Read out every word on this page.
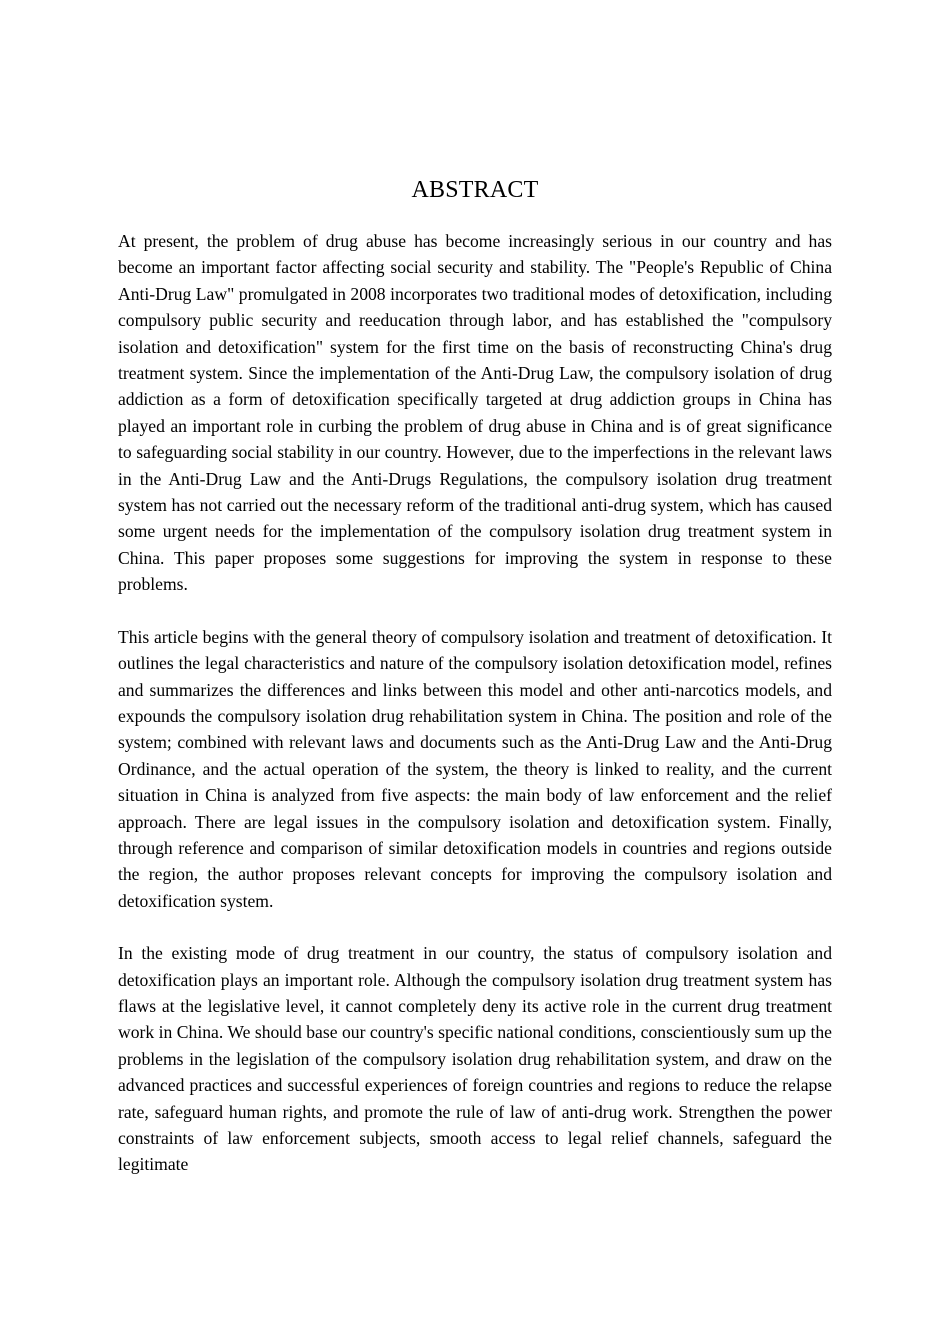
ABSTRACT

At present, the problem of drug abuse has become increasingly serious in our country and has become an important factor affecting social security and stability. The "People's Republic of China Anti-Drug Law" promulgated in 2008 incorporates two traditional modes of detoxification, including compulsory public security and reeducation through labor, and has established the "compulsory isolation and detoxification" system for the first time on the basis of reconstructing China's drug treatment system. Since the implementation of the Anti-Drug Law, the compulsory isolation of drug addiction as a form of detoxification specifically targeted at drug addiction groups in China has played an important role in curbing the problem of drug abuse in China and is of great significance to safeguarding social stability in our country. However, due to the imperfections in the relevant laws in the Anti-Drug Law and the Anti-Drugs Regulations, the compulsory isolation drug treatment system has not carried out the necessary reform of the traditional anti-drug system, which has caused some urgent needs for the implementation of the compulsory isolation drug treatment system in China. This paper proposes some suggestions for improving the system in response to these problems.

This article begins with the general theory of compulsory isolation and treatment of detoxification. It outlines the legal characteristics and nature of the compulsory isolation detoxification model, refines and summarizes the differences and links between this model and other anti-narcotics models, and expounds the compulsory isolation drug rehabilitation system in China. The position and role of the system; combined with relevant laws and documents such as the Anti-Drug Law and the Anti-Drug Ordinance, and the actual operation of the system, the theory is linked to reality, and the current situation in China is analyzed from five aspects: the main body of law enforcement and the relief approach. There are legal issues in the compulsory isolation and detoxification system. Finally, through reference and comparison of similar detoxification models in countries and regions outside the region, the author proposes relevant concepts for improving the compulsory isolation and detoxification system.

In the existing mode of drug treatment in our country, the status of compulsory isolation and detoxification plays an important role. Although the compulsory isolation drug treatment system has flaws at the legislative level, it cannot completely deny its active role in the current drug treatment work in China. We should base our country's specific national conditions, conscientiously sum up the problems in the legislation of the compulsory isolation drug rehabilitation system, and draw on the advanced practices and successful experiences of foreign countries and regions to reduce the relapse rate, safeguard human rights, and promote the rule of law of anti-drug work. Strengthen the power constraints of law enforcement subjects, smooth access to legal relief channels, safeguard the legitimate
